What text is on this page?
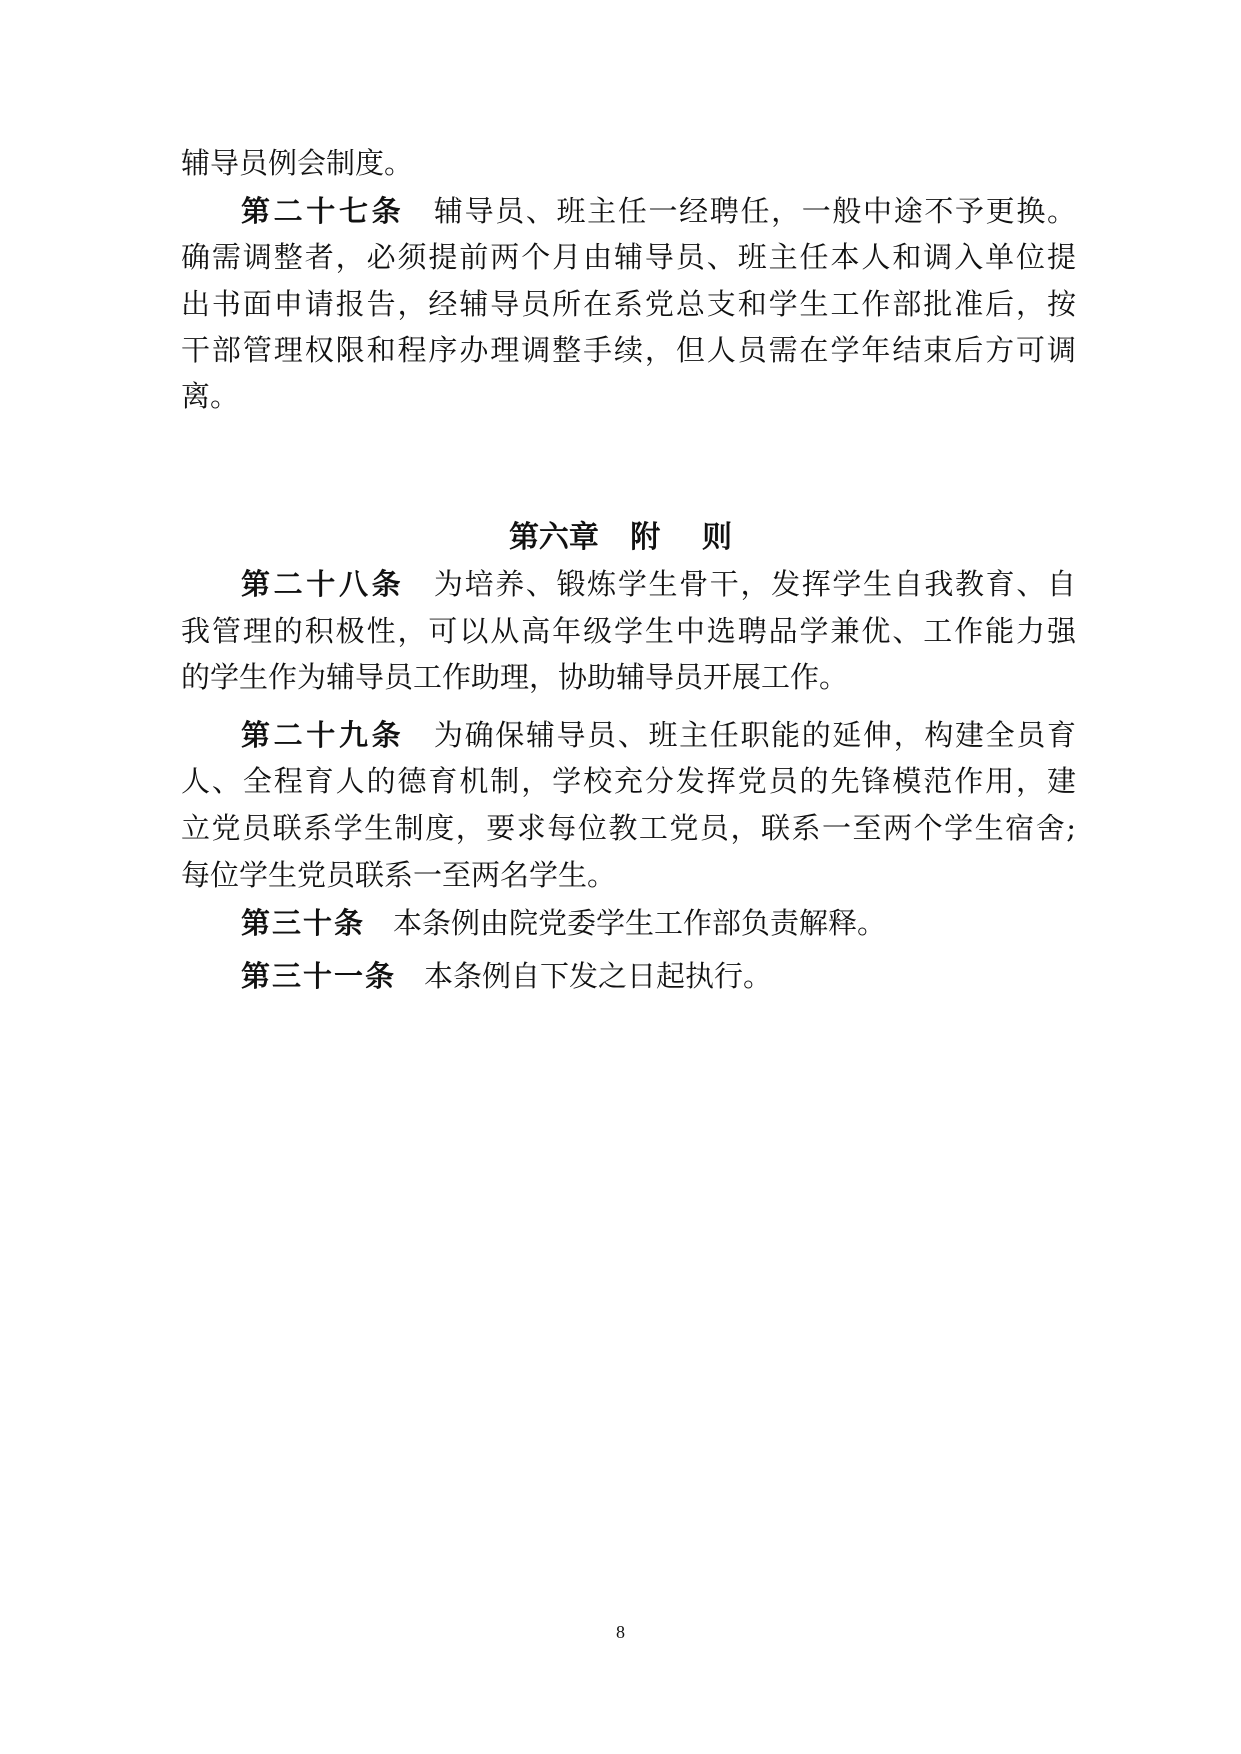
辅导员例会制度。
第二十七条 辅导员、班主任一经聘任，一般中途不予更换。
确需调整者，必须提前两个月由辅导员、班主任本人和调入单位提
出书面申请报告，经辅导员所在系党总支和学生工作部批准后，按
干部管理权限和程序办理调整手续，但人员需在学年结束后方可调
离。
第六章   附    则
第二十八条 为培养、锻炼学生骨干，发挥学生自我教育、自
我管理的积极性，可以从高年级学生中选聘品学兼优、工作能力强
的学生作为辅导员工作助理，协助辅导员开展工作。
第二十九条 为确保辅导员、班主任职能的延伸，构建全员育
人、全程育人的德育机制，学校充分发挥党员的先锋模范作用，建
立党员联系学生制度，要求每位教工党员，联系一至两个学生宿舍;
每位学生党员联系一至两名学生。
第三十条 本条例由院党委学生工作部负责解释。
第三十一条 本条例自下发之日起执行。
8
